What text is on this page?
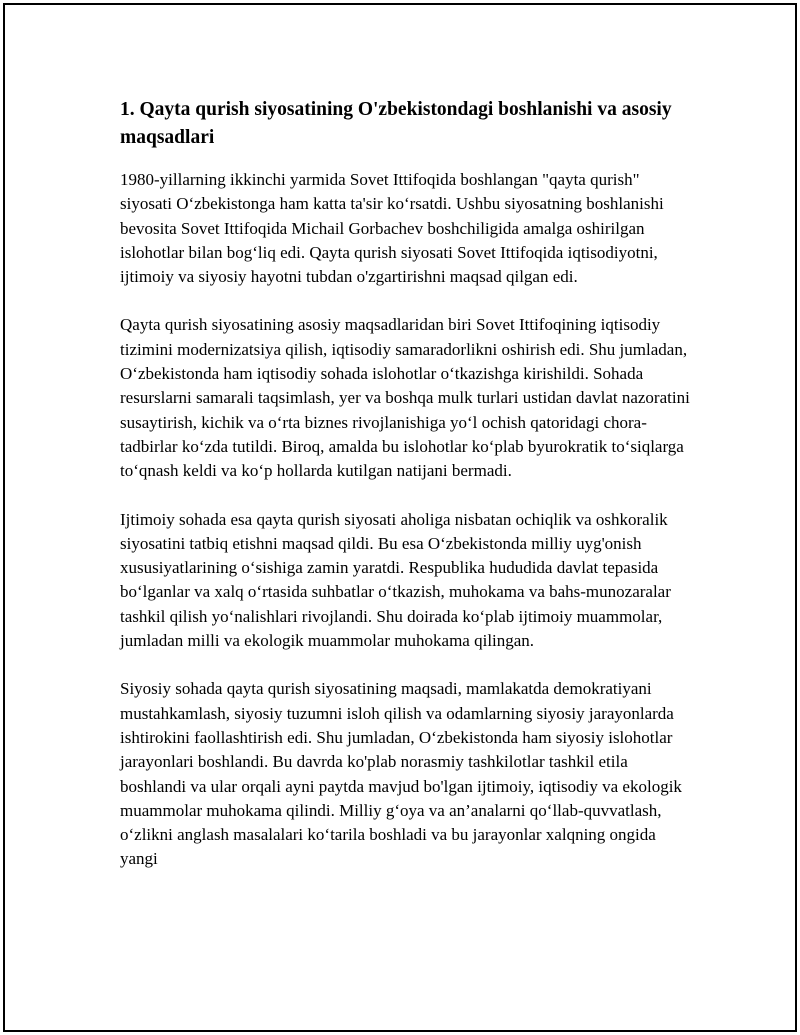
1. Qayta qurish siyosatining O'zbekistondagi boshlanishi va asosiy maqsadlari

1980-yillarning ikkinchi yarmida Sovet Ittifoqida boshlangan "qayta qurish" siyosati O‘zbekistonga ham katta ta'sir ko‘rsatdi. Ushbu siyosatning boshlanishi bevosita Sovet Ittifoqida Michail Gorbachev boshchiligida amalga oshirilgan islohotlar bilan bog‘liq edi. Qayta qurish siyosati Sovet Ittifoqida iqtisodiyotni, ijtimoiy va siyosiy hayotni tubdan o'zgartirishni maqsad qilgan edi.

Qayta qurish siyosatining asosiy maqsadlaridan biri Sovet Ittifoqining iqtisodiy tizimini modernizatsiya qilish, iqtisodiy samaradorlikni oshirish edi. Shu jumladan, O‘zbekistonda ham iqtisodiy sohada islohotlar o‘tkazishga kirishildi. Sohada resurslarni samarali taqsimlash, yer va boshqa mulk turlari ustidan davlat nazoratini susaytirish, kichik va o‘rta biznes rivojlanishiga yo‘l ochish qatoridagi chora-tadbirlar ko‘zda tutildi. Biroq, amalda bu islohotlar ko‘plab byurokratik to‘siqlarga to‘qnash keldi va ko‘p hollarda kutilgan natijani bermadi.

Ijtimoiy sohada esa qayta qurish siyosati aholiga nisbatan ochiqlik va oshkoralik siyosatini tatbiq etishni maqsad qildi. Bu esa O‘zbekistonda milliy uyg'onish xususiyatlarining o‘sishiga zamin yaratdi. Respublika hududida davlat tepasida bo‘lganlar va xalq o‘rtasida suhbatlar o‘tkazish, muhokama va bahs-munozaralar tashkil qilish yo‘nalishlari rivojlandi. Shu doirada ko‘plab ijtimoiy muammolar, jumladan milli va ekologik muammolar muhokama qilingan.

Siyosiy sohada qayta qurish siyosatining maqsadi, mamlakatda demokratiyani mustahkamlash, siyosiy tuzumni isloh qilish va odamlarning siyosiy jarayonlarda ishtirokini faollashtirish edi. Shu jumladan, O‘zbekistonda ham siyosiy islohotlar jarayonlari boshlandi. Bu davrda ko'plab norasmiy tashkilotlar tashkil etila boshlandi va ular orqali ayni paytda mavjud bo'lgan ijtimoiy, iqtisodiy va ekologik muammolar muhokama qilindi. Milliy g‘oya va an’analarni qo‘llab-quvvatlash, o‘zlikni anglash masalalari ko‘tarila boshladi va bu jarayonlar xalqning ongida yangi
